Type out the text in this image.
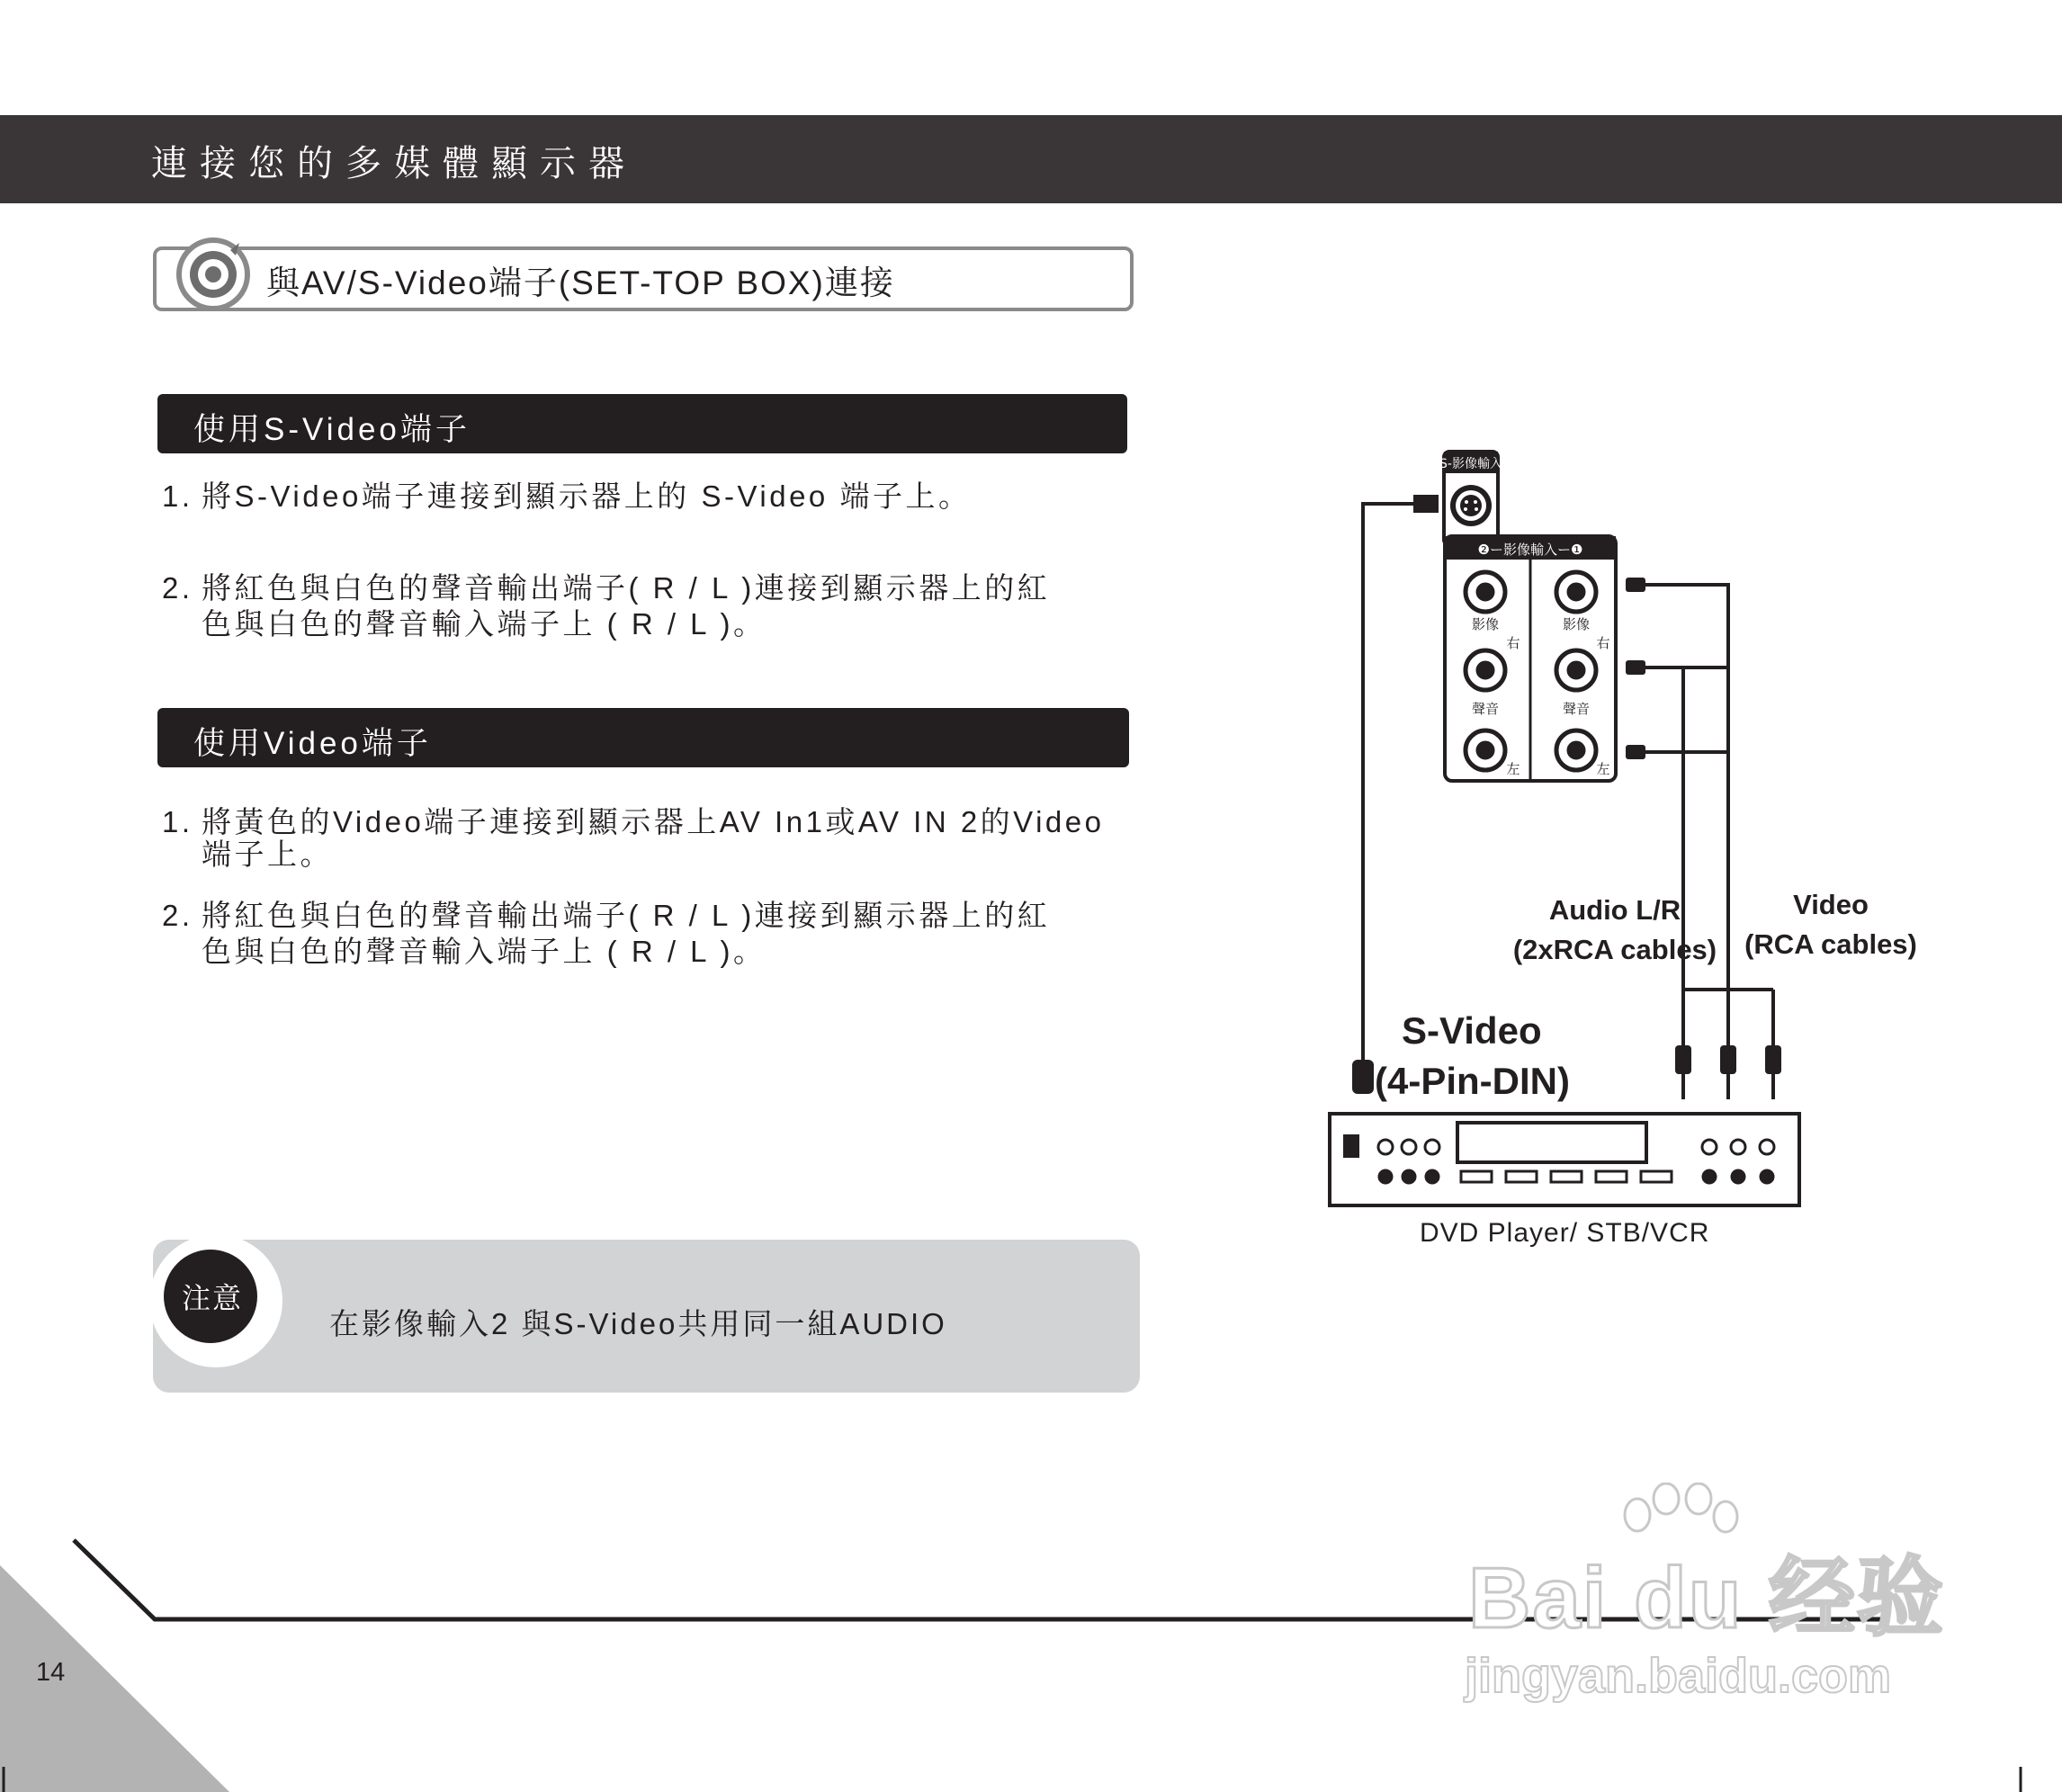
連接您的多媒體顯示器
與AV/S-Video端子(SET-TOP BOX)連接
使用S-Video端子
1. 將S-Video端子連接到顯示器上的 S-Video 端子上。
2. 將紅色與白色的聲音輸出端子( R / L )連接到顯示器上的紅
色與白色的聲音輸入端子上 ( R / L )。
使用Video端子
1. 將黃色的Video端子連接到顯示器上AV In1或AV IN 2的Video
端子上。
2. 將紅色與白色的聲音輸出端子( R / L )連接到顯示器上的紅
色與白色的聲音輸入端子上 ( R / L )。
注意
在影像輸入2 與S-Video共用同一組AUDIO
S-影像輸入
❷ー影像輸入ー❶
影像	影像
右	右
聲音	聲音
左	左
Audio L/R
(2xRCA cables)
Video
(RCA cables)
S-Video
(4-Pin-DIN)
DVD Player/ STB/VCR
14
Bai du 经验
jingyan.baidu.com
